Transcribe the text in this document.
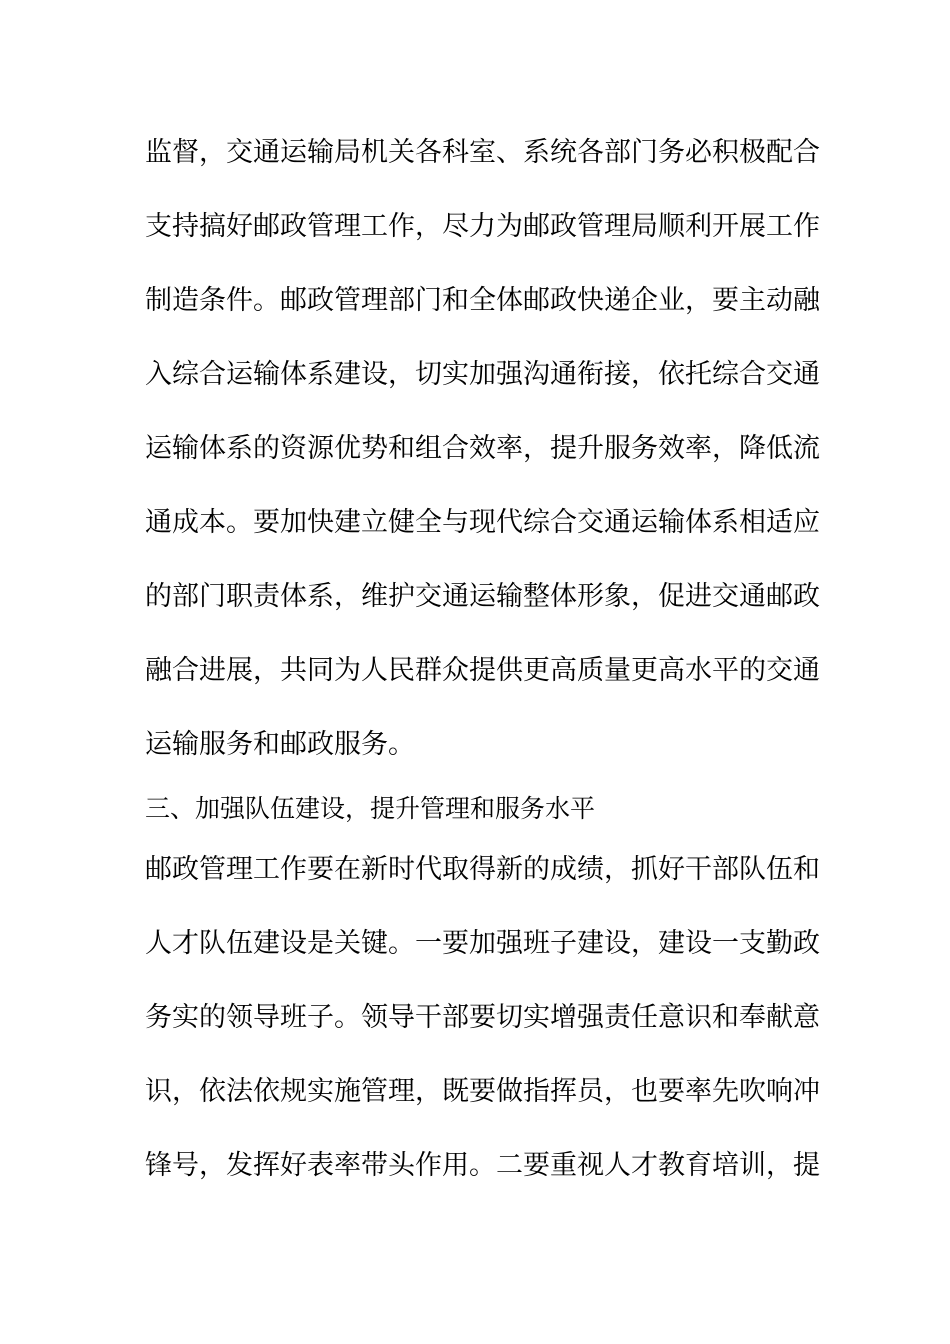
监督，交通运输局机关各科室、系统各部门务必积极配合
支持搞好邮政管理工作，尽力为邮政管理局顺利开展工作
制造条件。邮政管理部门和全体邮政快递企业，要主动融
入综合运输体系建设，切实加强沟通衔接，依托综合交通
运输体系的资源优势和组合效率，提升服务效率，降低流
通成本。要加快建立健全与现代综合交通运输体系相适应
的部门职责体系，维护交通运输整体形象，促进交通邮政
融合进展，共同为人民群众提供更高质量更高水平的交通
运输服务和邮政服务。
三、加强队伍建设，提升管理和服务水平
邮政管理工作要在新时代取得新的成绩，抓好干部队伍和
人才队伍建设是关键。一要加强班子建设，建设一支勤政
务实的领导班子。领导干部要切实增强责任意识和奉献意
识，依法依规实施管理，既要做指挥员，也要率先吹响冲
锋号，发挥好表率带头作用。二要重视人才教育培训，提
